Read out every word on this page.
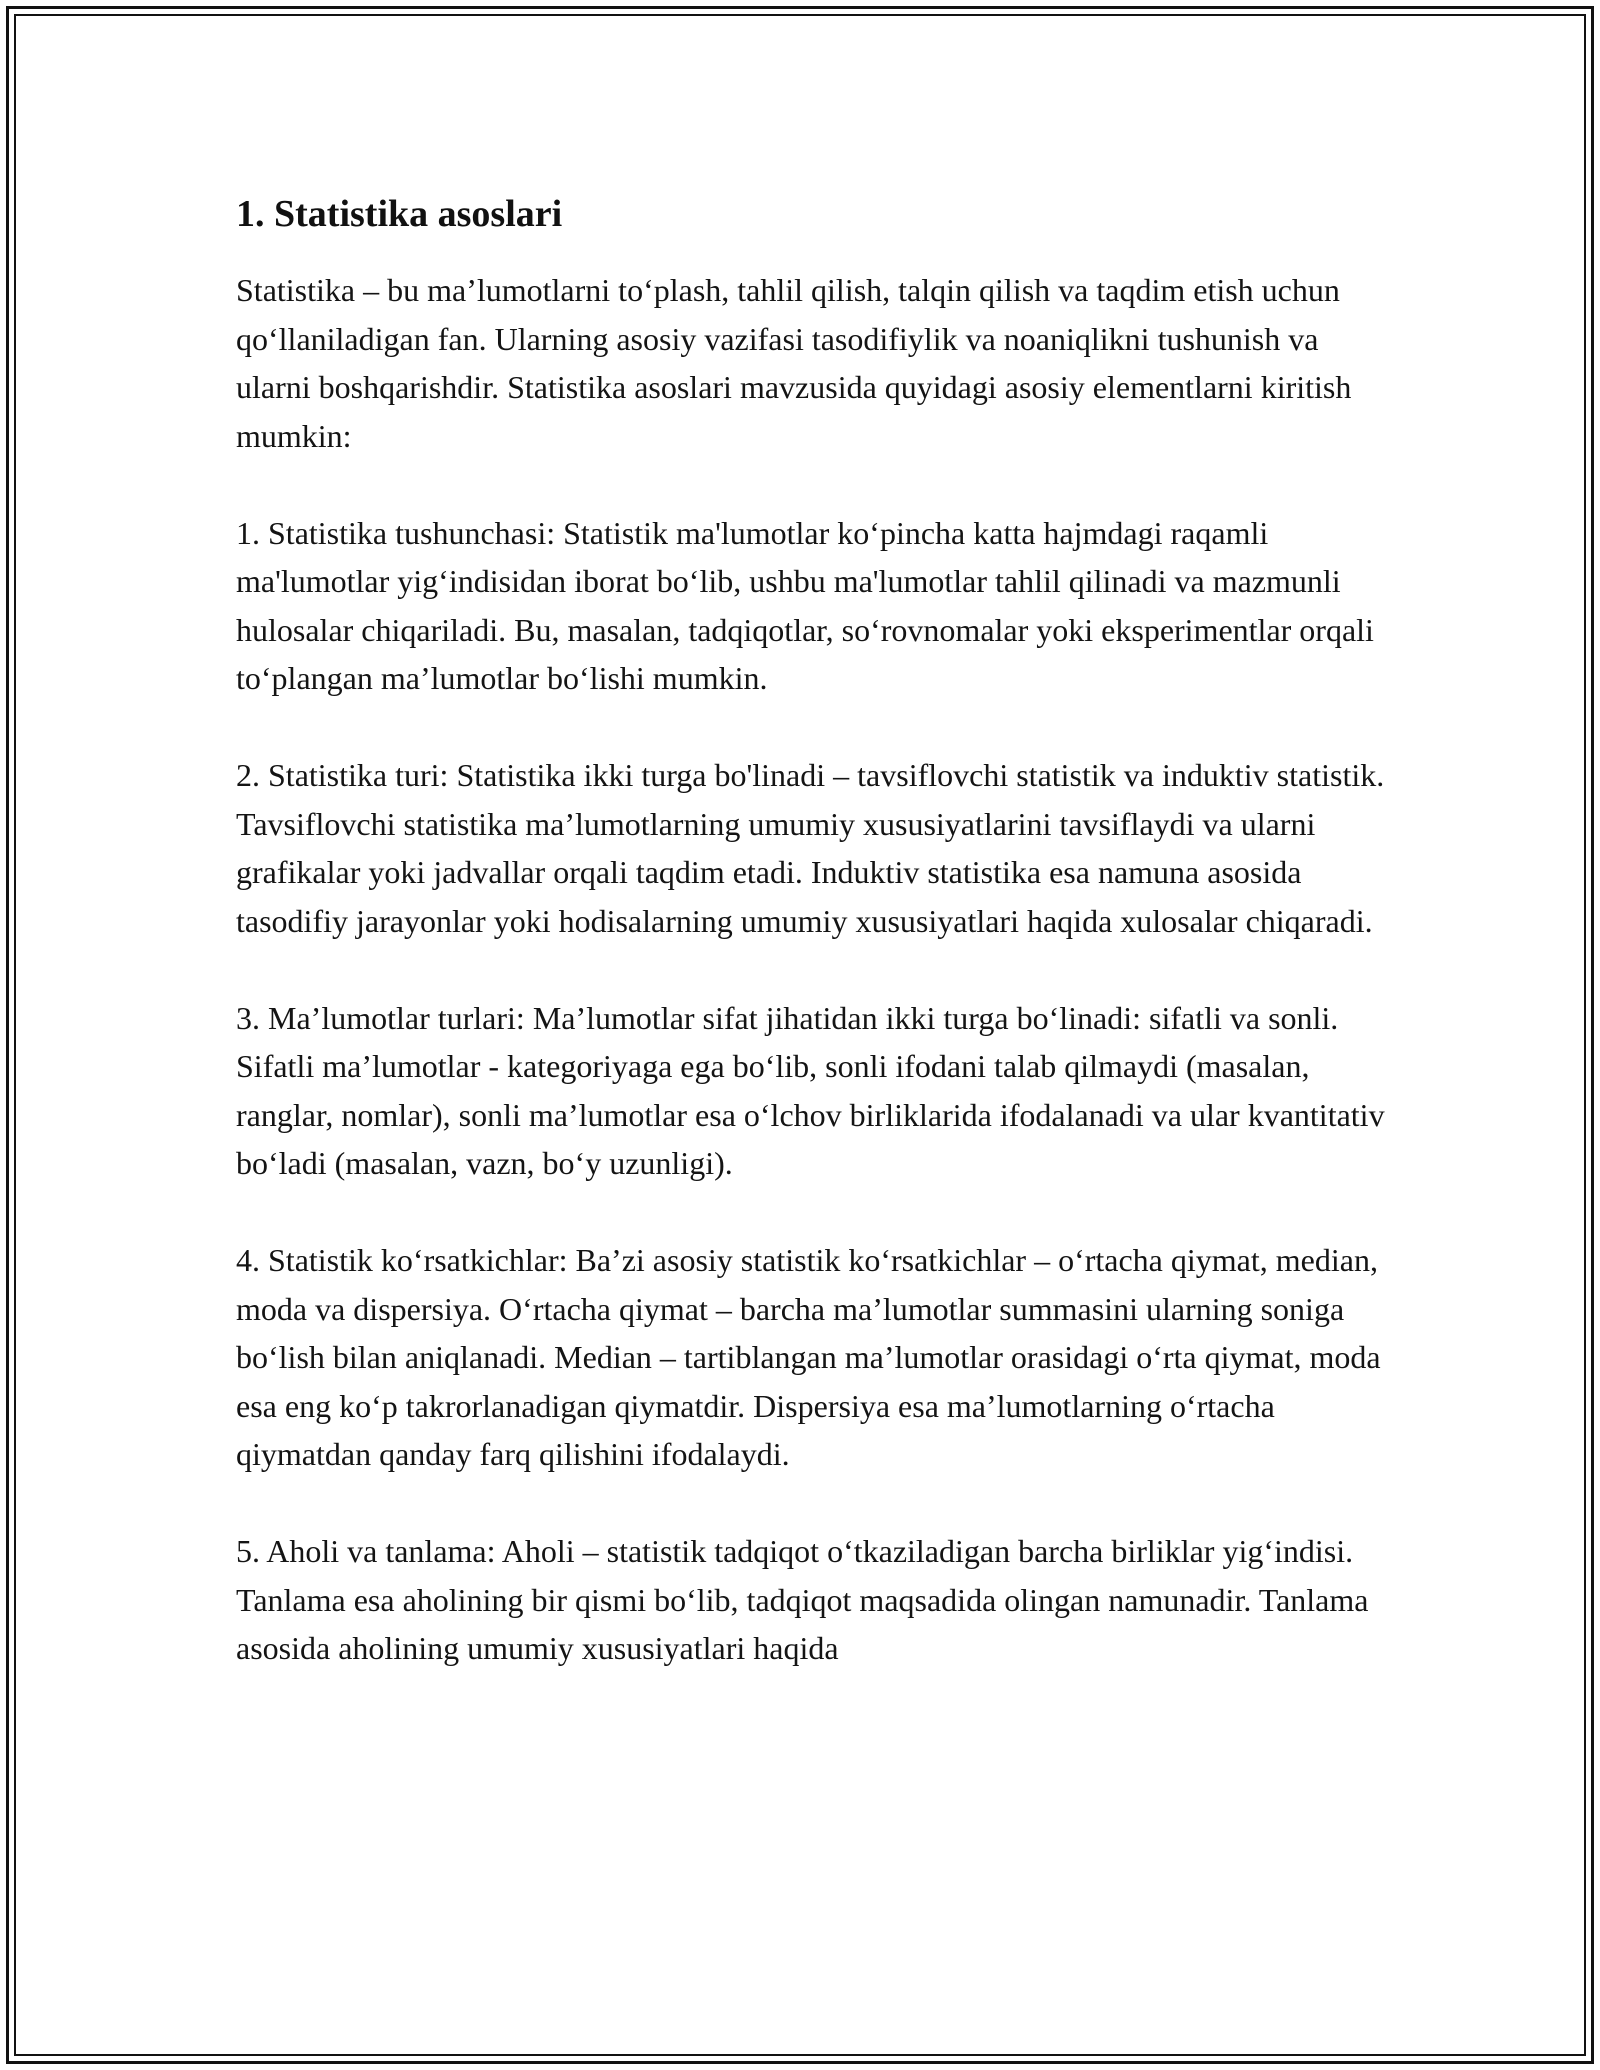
1. Statistika asoslari

Statistika – bu ma’lumotlarni to‘plash, tahlil qilish, talqin qilish va taqdim etish uchun qo‘llaniladigan fan. Ularning asosiy vazifasi tasodifiylik va noaniqlikni tushunish va ularni boshqarishdir. Statistika asoslari mavzusida quyidagi asosiy elementlarni kiritish mumkin:

1. Statistika tushunchasi: Statistik ma'lumotlar ko‘pincha katta hajmdagi raqamli ma'lumotlar yig‘indisidan iborat bo‘lib, ushbu ma'lumotlar tahlil qilinadi va mazmunli hulosalar chiqariladi. Bu, masalan, tadqiqotlar, so‘rovnomalar yoki eksperimentlar orqali to‘plangan ma’lumotlar bo‘lishi mumkin.

2. Statistika turi: Statistika ikki turga bo'linadi – tavsiflovchi statistik va induktiv statistik. Tavsiflovchi statistika ma’lumotlarning umumiy xususiyatlarini tavsiflaydi va ularni grafikalar yoki jadvallar orqali taqdim etadi. Induktiv statistika esa namuna asosida tasodifiy jarayonlar yoki hodisalarning umumiy xususiyatlari haqida xulosalar chiqaradi.

3. Ma’lumotlar turlari: Ma’lumotlar sifat jihatidan ikki turga bo‘linadi: sifatli va sonli. Sifatli ma’lumotlar - kategoriyaga ega bo‘lib, sonli ifodani talab qilmaydi (masalan, ranglar, nomlar), sonli ma’lumotlar esa o‘lchov birliklarida ifodalanadi va ular kvantitativ bo‘ladi (masalan, vazn, bo‘y uzunligi).

4. Statistik ko‘rsatkichlar: Ba’zi asosiy statistik ko‘rsatkichlar – o‘rtacha qiymat, median, moda va dispersiya. O‘rtacha qiymat – barcha ma’lumotlar summasini ularning soniga bo‘lish bilan aniqlanadi. Median – tartiblangan ma’lumotlar orasidagi o‘rta qiymat, moda esa eng ko‘p takrorlanadigan qiymatdir. Dispersiya esa ma’lumotlarning o‘rtacha qiymatdan qanday farq qilishini ifodalaydi.

5. Aholi va tanlama: Aholi – statistik tadqiqot o‘tkaziladigan barcha birliklar yig‘indisi. Tanlama esa aholining bir qismi bo‘lib, tadqiqot maqsadida olingan namunadir. Tanlama asosida aholining umumiy xususiyatlari haqida
